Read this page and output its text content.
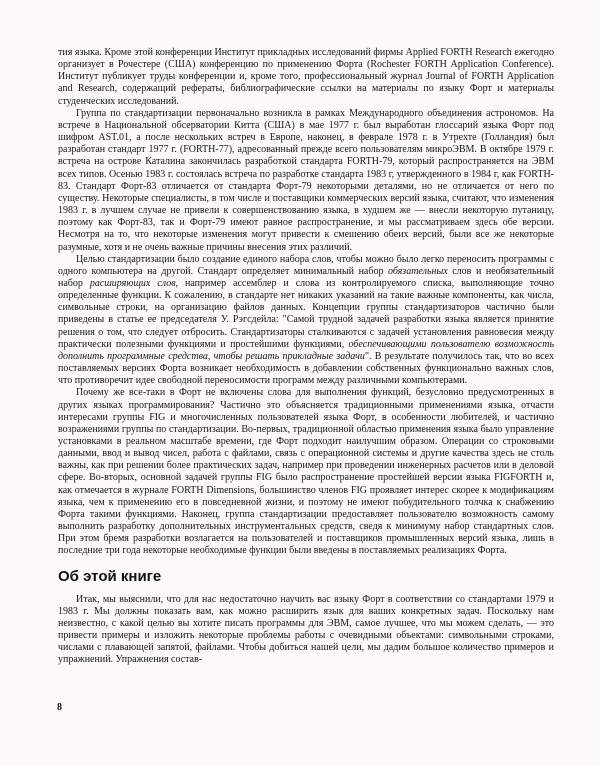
тия языка. Кроме этой конференции Институт прикладных исследований фирмы Applied FORTH Research ежегодно организует в Рочестере (США) конференцию по применению Форта (Rochester FORTH Application Conference). Институт публикует труды конференции и, кроме того, профессиональный журнал Journal of FORTH Application and Research, содержащий рефераты, библиографические ссылки на материалы по языку Форт и материалы студенческих исследований.

Группа по стандартизации первоначально возникла в рамках Международного объединения астрономов. На встрече в Национальной обсерватории Китта (США) в мае 1977 г. был выработан глоссарий языка Форт под шифром AST.01, а после нескольких встреч в Европе, наконец, в феврале 1978 г. в Утрехте (Голландия) был разработан стандарт 1977 г. (FORTH-77), адресованный прежде всего пользователям микроЭВМ. В октябре 1979 г. встреча на острове Каталина закончилась разработкой стандарта FORTH-79, который распространяется на ЭВМ всех типов. Осенью 1983 г. состоялась встреча по разработке стандарта 1983 г, утвержденного в 1984 г, как FORTH-83. Стандарт Форт-83 отличается от стандарта Форт-79 некоторыми деталями, но не отличается от него по существу. Некоторые специалисты, в том числе и поставщики коммерческих версий языка, считают, что изменения 1983 г. в лучшем случае не привели к совершенствованию языка, в худшем же — внесли некоторую путаницу, поэтому как Форт-83, так и Форт-79 имеют равное распространение, и мы рассматриваем здесь обе версии. Несмотря на то, что некоторые изменения могут привести к смешению обеих версий, были все же некоторые разумные, хотя и не очень важные причины внесения этих различий.

Целью стандартизации было создание единого набора слов, чтобы можно было легко переносить программы с одного компьютера на другой. Стандарт определяет минимальный набор обязательных слов и необязательный набор расширяющих слов, например ассемблер и слова из контролируемого списка, выполняющие точно определенные функции. К сожалению, в стандарте нет никаких указаний на такие важные компоненты, как числа, символьные строки, на организацию файлов данных. Концепции группы стандартизаторов частично были приведены в статье ее председателя У. Рэгсдейла: "Самой трудной задачей разработки языка является принятие решения о том, что следует отбросить. Стандартизаторы сталкиваются с задачей установления равновесия между практически полезными функциями и простейшими функциями, обеспечивающими пользователю возможность дополнить программные средства, чтобы решать прикладные задачи". В результате получилось так, что во всех поставляемых версиях Форта возникает необходимость в добавлении собственных функционально важных слов, что противоречит идее свободной переносимости программ между различными компьютерами.

Почему же все-таки в Форт не включены слова для выполнения функций, безусловно предусмотренных в других языках программирования? Частично это объясняется традиционными применениями языка, отчасти интересами группы FIG и многочисленных пользователей языка Форт, в особенности любителей, и частично возражениями группы по стандартизации. Во-первых, традиционной областью применения языка было управление установками в реальном масштабе времени, где Форт подходит наилучшим образом. Операции со строковыми данными, ввод и вывод чисел, работа с файлами, связь с операционной системы и другие качества здесь не столь важны, как при решении более практических задач, например при проведении инженерных расчетов или в деловой сфере. Во-вторых, основной задачей группы FIG было распространение простейшей версии языка FIGFORTH и, как отмечается в журнале FORTH Dimensions, большинство членов FIG проявляет интерес скорее к модификациям языка, чем к применению его в повседневной жизни, и поэтому не имеют побудительного толчка к снабжению Форта такими функциями. Наконец, группа стандартизации предоставляет пользователю возможность самому выполнить разработку дополнительных инструментальных средств, сведя к минимуму набор стандартных слов. При этом бремя разработки возлагается на пользователей и поставщиков промышленных версий языка, лишь в последние три года некоторые необходимые функции были введены в поставляемых реализациях Форта.

Об этой книге

Итак, мы выяснили, что для нас недостаточно научить вас языку Форт в соответствии со стандартами 1979 и 1983 г. Мы должны показать вам, как можно расширить язык для ваших конкретных задач. Поскольку нам неизвестно, с какой целью вы хотите писать программы для ЭВМ, самое лучшее, что мы можем сделать, — это привести примеры и изложить некоторые проблемы работы с очевидными объектами: символьными строками, числами с плавающей запятой, файлами. Чтобы добиться нашей цели, мы дадим большое количество примеров и упражнений. Упражнения состав-

8
